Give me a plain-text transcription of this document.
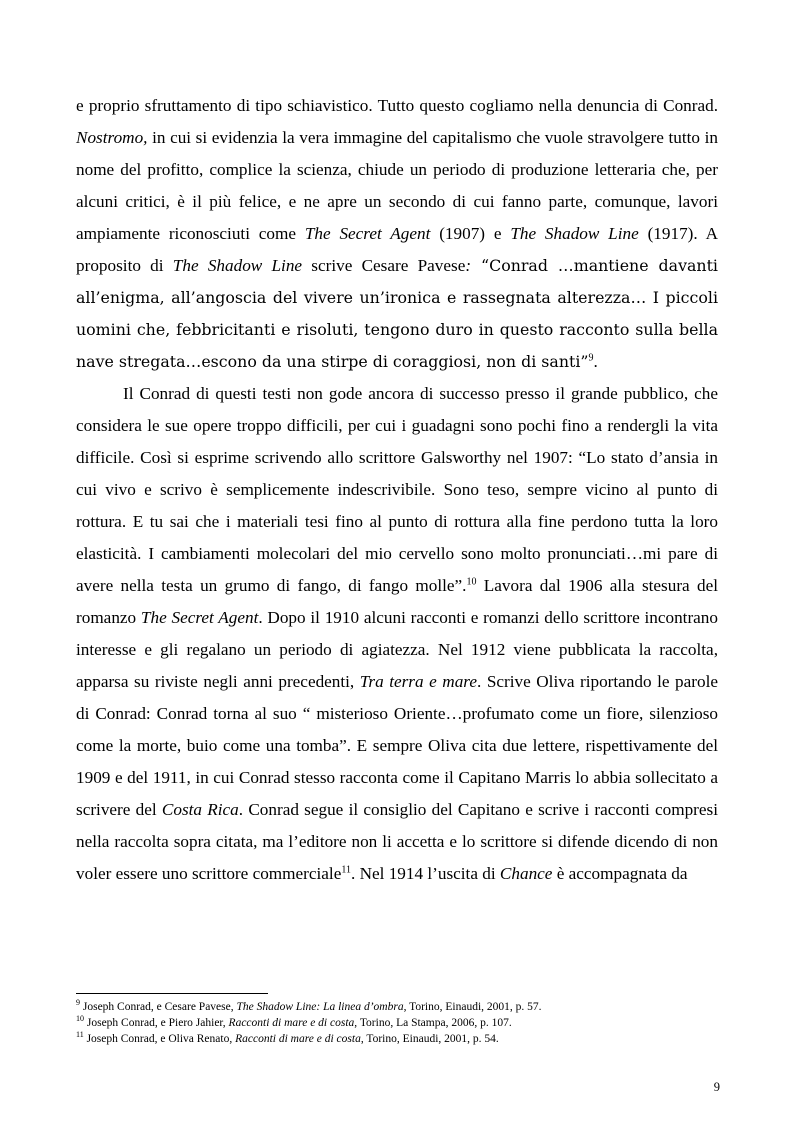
e proprio sfruttamento di tipo schiavistico. Tutto questo cogliamo nella denuncia di Conrad. Nostromo, in cui si evidenzia la vera immagine del capitalismo che vuole stravolgere tutto in nome del profitto, complice la scienza, chiude un periodo di produzione letteraria che, per alcuni critici, è il più felice, e ne apre un secondo di cui fanno parte, comunque, lavori ampiamente riconosciuti come The Secret Agent (1907) e The Shadow Line (1917). A proposito di The Shadow Line scrive Cesare Pavese: “Conrad …mantiene davanti all’enigma, all’angoscia del vivere un’ironica e rassegnata alterezza… I piccoli uomini che, febbricitanti e risoluti, tengono duro in questo racconto sulla bella nave stregata…escono da una stirpe di coraggiosi, non di santi”$^9$.

Il Conrad di questi testi non gode ancora di successo presso il grande pubblico, che considera le sue opere troppo difficili, per cui i guadagni sono pochi fino a rendergli la vita difficile. Così si esprime scrivendo allo scrittore Galsworthy nel 1907: “Lo stato d’ansia in cui vivo e scrivo è semplicemente indescrivibile. Sono teso, sempre vicino al punto di rottura. E tu sai che i materiali tesi fino al punto di rottura alla fine perdono tutta la loro elasticità. I cambiamenti molecolari del mio cervello sono molto pronunciati…mi pare di avere nella testa un grumo di fango, di fango molle”.$^{10}$ Lavora dal 1906 alla stesura del romanzo The Secret Agent. Dopo il 1910 alcuni racconti e romanzi dello scrittore incontrano interesse e gli regalano un periodo di agiatezza. Nel 1912 viene pubblicata la raccolta, apparsa su riviste negli anni precedenti, Tra terra e mare. Scrive Oliva riportando le parole di Conrad: Conrad torna al suo “ misterioso Oriente…profumato come un fiore, silenzioso come la morte, buio come una tomba”. E sempre Oliva cita due lettere, rispettivamente del 1909 e del 1911, in cui Conrad stesso racconta come il Capitano Marris lo abbia sollecitato a scrivere del Costa Rica. Conrad segue il consiglio del Capitano e scrive i racconti compresi nella raccolta sopra citata, ma l’editore non li accetta e lo scrittore si difende dicendo di non voler essere uno scrittore commerciale$^{11}$. Nel 1914 l’uscita di Chance è accompagnata da

$^9$ Joseph Conrad, e Cesare Pavese, The Shadow Line: La linea d’ombra, Torino, Einaudi, 2001, p. 57.
$^{10}$ Joseph Conrad, e Piero Jahier, Racconti di mare e di costa, Torino, La Stampa, 2006, p. 107.
$^{11}$ Joseph Conrad, e Oliva Renato, Racconti di mare e di costa, Torino, Einaudi, 2001, p. 54.
9
